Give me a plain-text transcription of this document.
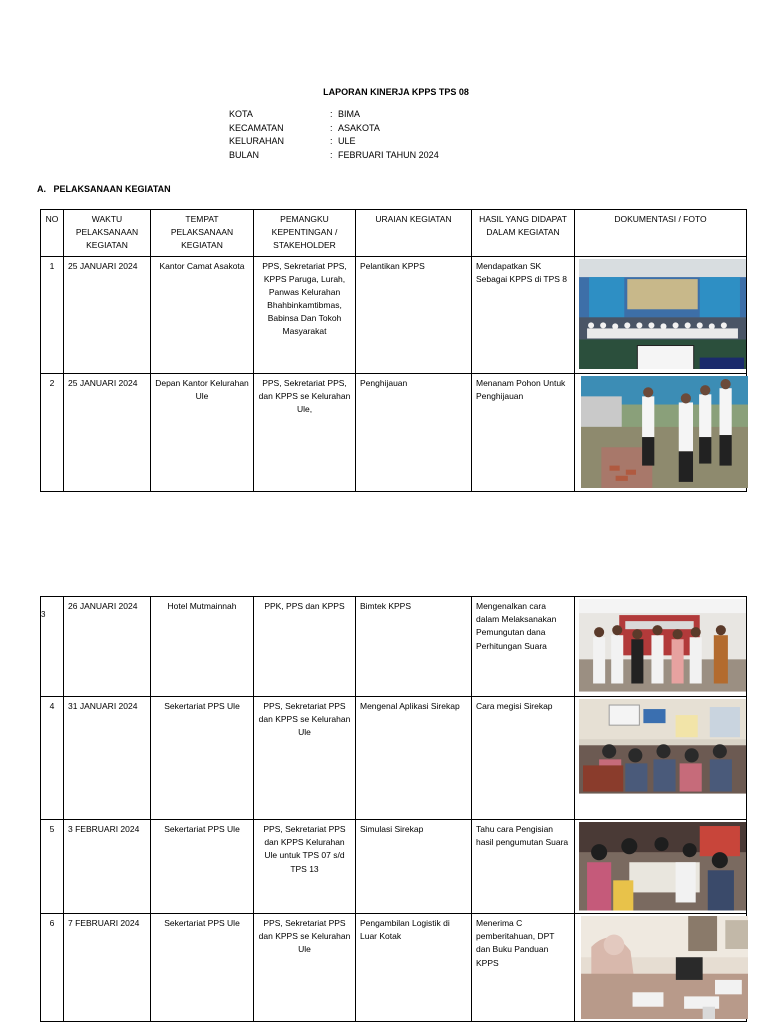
LAPORAN KINERJA KPPS TPS 08
KOTA	: BIMA
KECAMATAN	: ASAKOTA
KELURAHAN	: ULE
BULAN	: FEBRUARI TAHUN 2024
A.   PELAKSANAAN KEGIATAN
NO	WAKTU PELAKSANAAN KEGIATAN	TEMPAT PELAKSANAAN KEGIATAN	PEMANGKU KEPENTINGAN / STAKEHOLDER	URAIAN KEGIATAN	HASIL YANG DIDAPAT DALAM KEGIATAN	DOKUMENTASI / FOTO
1	25 JANUARI 2024	Kantor Camat Asakota	PPS, Sekretariat PPS, KPPS Paruga, Lurah, Panwas Kelurahan Bhahbinkamtibmas, Babinsa Dan Tokoh Masyarakat	Pelantikan KPPS	Mendapatkan SK Sebagai KPPS di TPS 8	

2	25 JANUARI 2024	Depan Kantor Kelurahan Ule	PPS, Sekretariat PPS, dan KPPS se Kelurahan Ule,	Penghijauan	Menanam Pohon Untuk Penghijauan	
3	26 JANUARI 2024	Hotel Mutmainnah	PPK, PPS dan KPPS	Bimtek KPPS	Mengenalkan cara dalam Melaksanakan Pemungutan dana Perhitungan Suara	

4	31 JANUARI 2024	Sekertariat PPS Ule	PPS, Sekretariat PPS dan KPPS se Kelurahan Ule	Mengenal Aplikasi Sirekap	Cara megisi Sirekap	

5	3 FEBRUARI 2024	Sekertariat PPS Ule	PPS, Sekretariat PPS dan KPPS Kelurahan Ule untuk TPS 07 s/d TPS 13	Simulasi Sirekap	Tahu cara Pengisian hasil pengumutan Suara	

6	7 FEBRUARI 2024	Sekertariat PPS Ule	PPS, Sekretariat PPS dan KPPS se Kelurahan Ule	Pengambilan Logistik di Luar Kotak	Menerima C pemberitahuan, DPT dan Buku Panduan KPPS	
